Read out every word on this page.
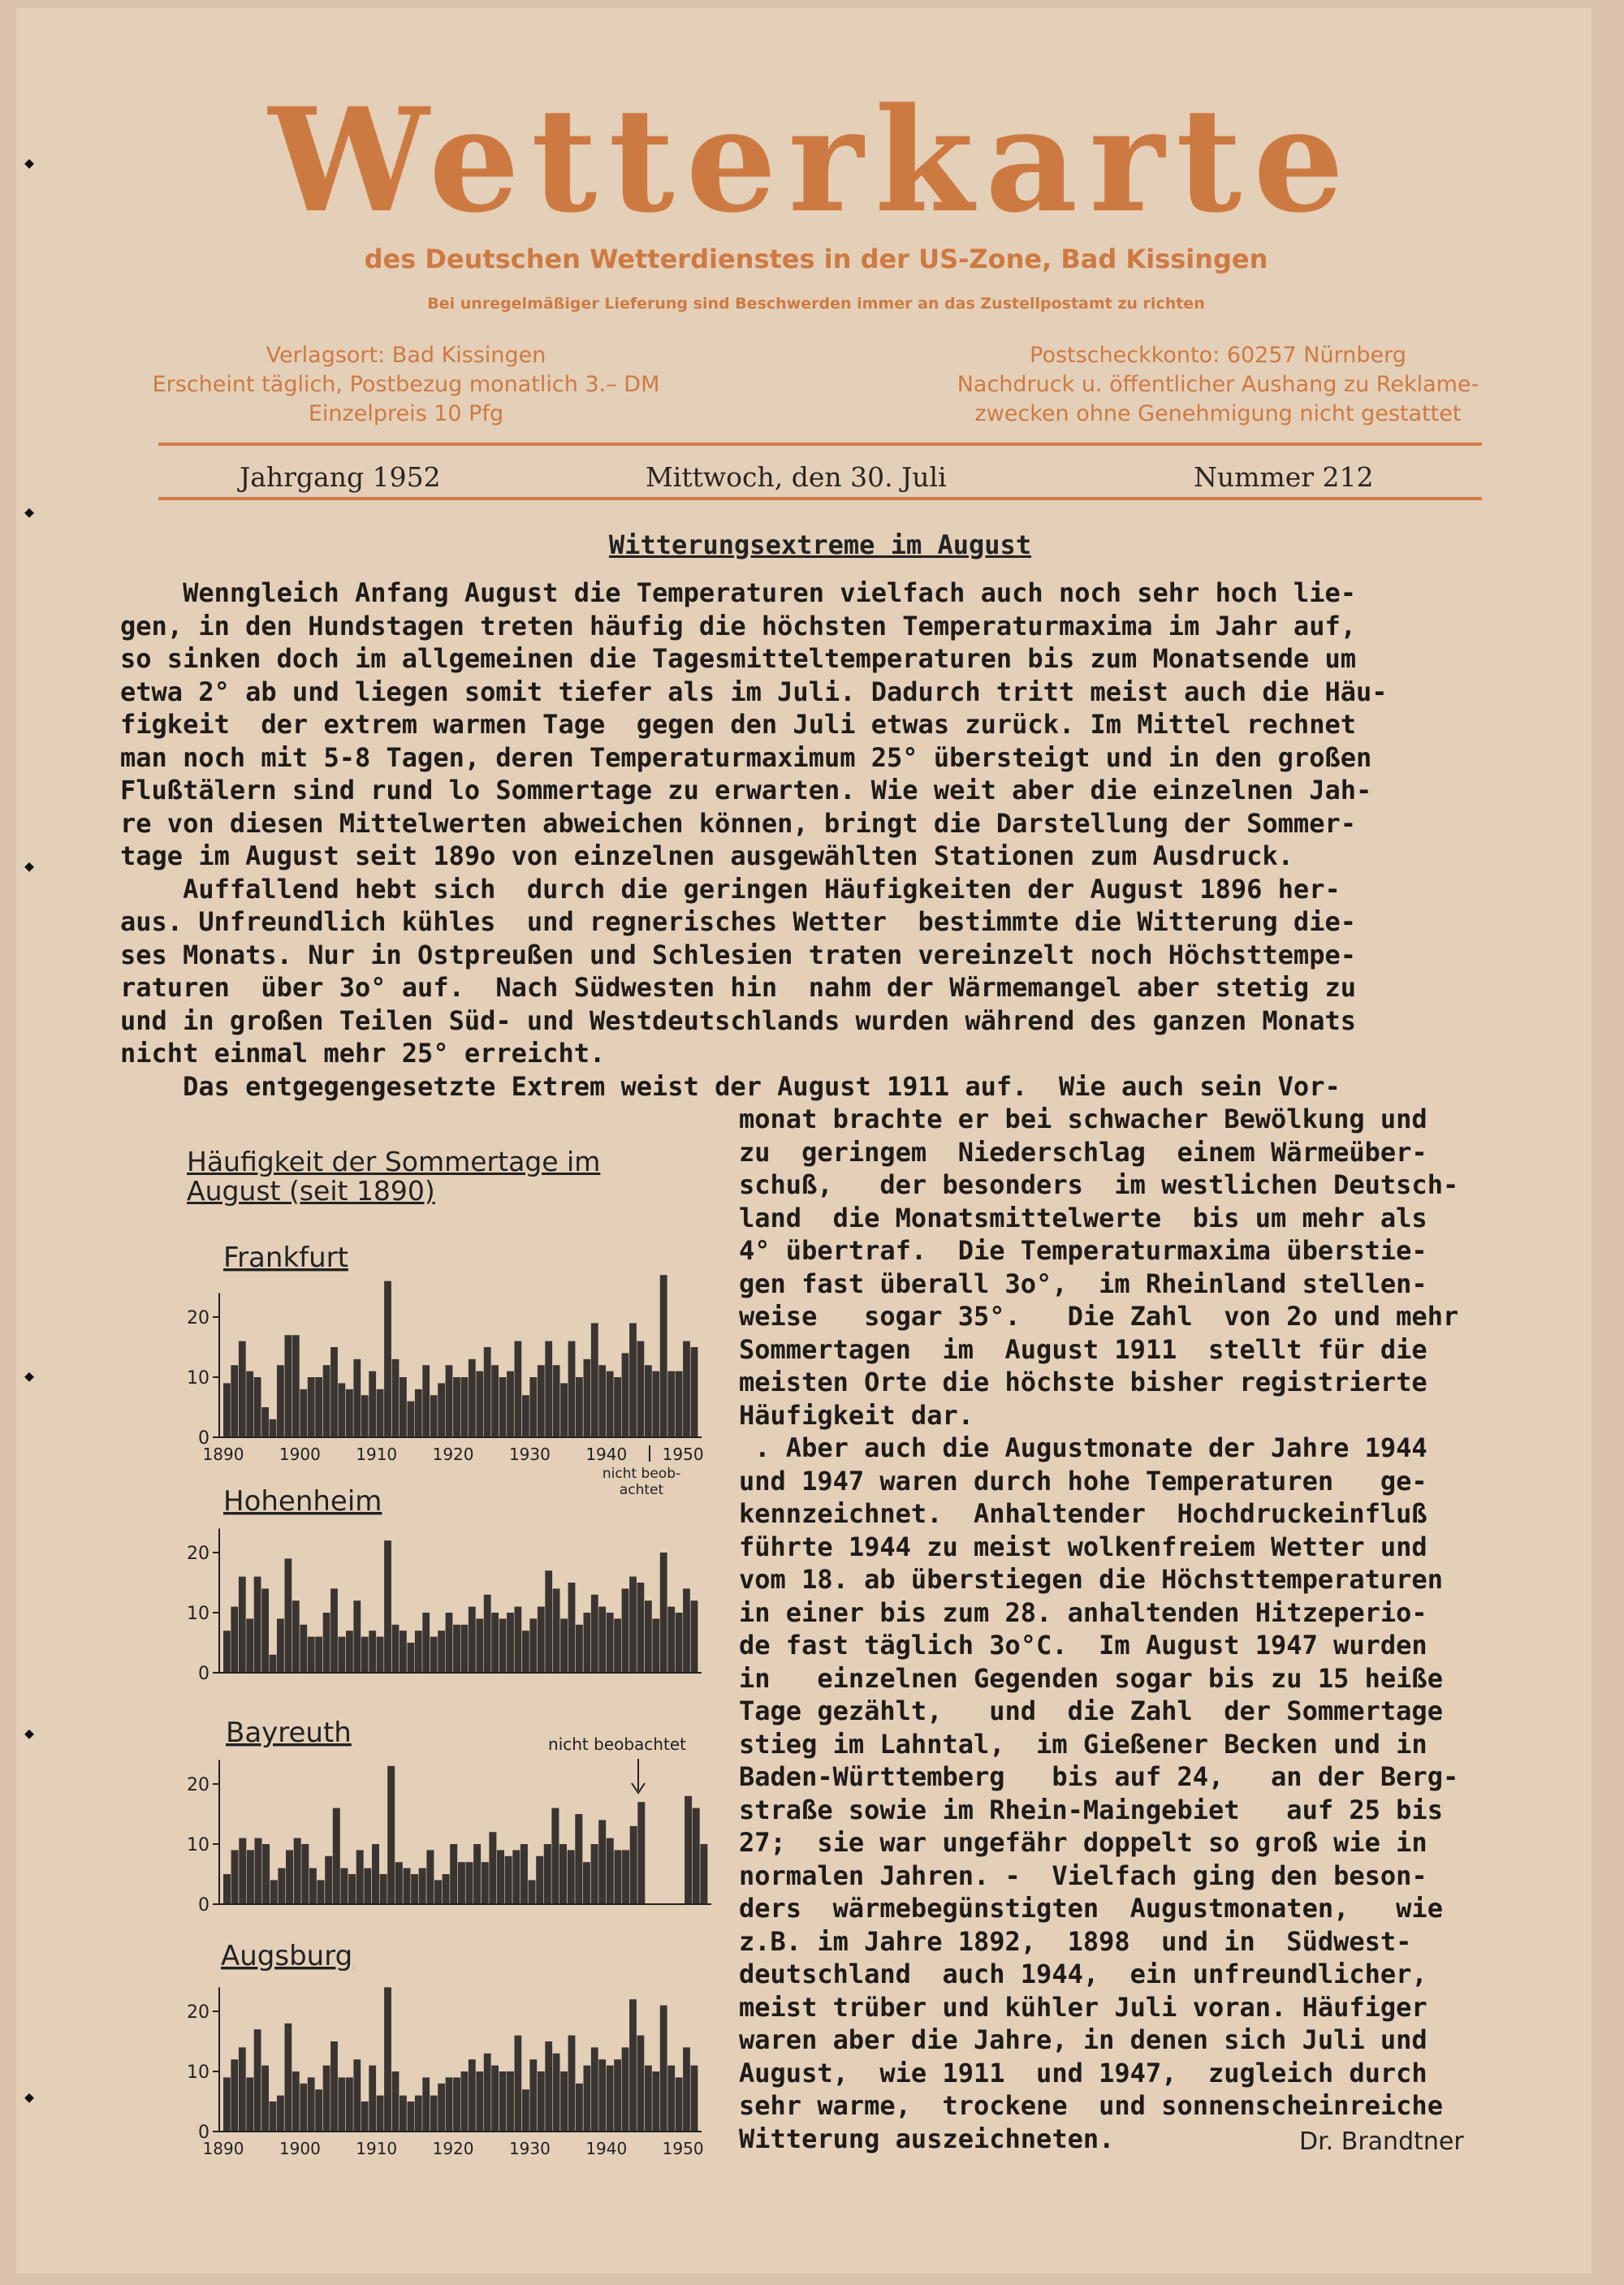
◆
◆
◆
◆
◆
◆
Wetterkarte
des Deutschen Wetterdienstes in der US-Zone, Bad Kissingen
Bei unregelmäßiger Lieferung sind Beschwerden immer an das Zustellpostamt zu richten
Verlagsort: Bad Kissingen
Erscheint täglich, Postbezug monatlich 3.– DM
Einzelpreis 10 Pfg
Postscheckkonto: 60257 Nürnberg
Nachdruck u. öffentlicher Aushang zu Reklame-
zwecken ohne Genehmigung nicht gestattet
Jahrgang 1952	Mittwoch, den 30. Juli	Nummer 212
Witterungsextreme im August
Wenngleich Anfang August die Temperaturen vielfach auch noch sehr hoch lie-
gen, in den Hundstagen treten häufig die höchsten Temperaturmaxima im Jahr auf,
so sinken doch im allgemeinen die Tagesmitteltemperaturen bis zum Monatsende um
etwa 2° ab und liegen somit tiefer als im Juli. Dadurch tritt meist auch die Häu-
figkeit  der extrem warmen Tage  gegen den Juli etwas zurück. Im Mittel rechnet
man noch mit 5-8 Tagen, deren Temperaturmaximum 25° übersteigt und in den großen
Flußtälern sind rund lo Sommertage zu erwarten. Wie weit aber die einzelnen Jah-
re von diesen Mittelwerten abweichen können, bringt die Darstellung der Sommer-
tage im August seit 189o von einzelnen ausgewählten Stationen zum Ausdruck.
Auffallend hebt sich  durch die geringen Häufigkeiten der August 1896 her-
aus. Unfreundlich kühles  und regnerisches Wetter  bestimmte die Witterung die-
ses Monats. Nur in Ostpreußen und Schlesien traten vereinzelt noch Höchsttempe-
raturen  über 3o° auf.  Nach Südwesten hin  nahm der Wärmemangel aber stetig zu
und in großen Teilen Süd- und Westdeutschlands wurden während des ganzen Monats
nicht einmal mehr 25° erreicht.
Das entgegengesetzte Extrem weist der August 1911 auf.  Wie auch sein Vor-
monat brachte er bei schwacher Bewölkung und
zu  geringem  Niederschlag  einem Wärmeüber-
schuß,   der besonders  im westlichen Deutsch-
land  die Monatsmittelwerte  bis um mehr als
4° übertraf.  Die Temperaturmaxima überstie-
gen fast überall 3o°,  im Rheinland stellen-
weise   sogar 35°.   Die Zahl  von 2o und mehr
Sommertagen  im  August 1911  stellt für die
meisten Orte die höchste bisher registrierte
Häufigkeit dar.
. Aber auch die Augustmonate der Jahre 1944
und 1947 waren durch hohe Temperaturen   ge-
kennzeichnet.  Anhaltender  Hochdruckeinfluß
führte 1944 zu meist wolkenfreiem Wetter und
vom 18. ab überstiegen die Höchsttemperaturen
in einer bis zum 28. anhaltenden Hitzeperio-
de fast täglich 3o°C.  Im August 1947 wurden
in   einzelnen Gegenden sogar bis zu 15 heiße
Tage gezählt,   und  die Zahl  der Sommertage
stieg im Lahntal,  im Gießener Becken und in
Baden-Württemberg   bis auf 24,   an der Berg-
straße sowie im Rhein-Maingebiet   auf 25 bis
27;  sie war ungefähr doppelt so groß wie in
normalen Jahren. -  Vielfach ging den beson-
ders  wärmebegünstigten  Augustmonaten,   wie
z.B. im Jahre 1892,  1898  und in  Südwest-
deutschland  auch 1944,  ein unfreundlicher,
meist trüber und kühler Juli voran. Häufiger
waren aber die Jahre, in denen sich Juli und
August,  wie 1911  und 1947,  zugleich durch
sehr warme,  trockene  und sonnenscheinreiche
Witterung auszeichneten.	Dr. Brandtner
Häufigkeit der Sommertage im
August (seit 1890)
0
10
20
Frankfurt
1890 1900 1910 1920 1930 1940 1950
0
10
20
Hohenheim
0
10
20
Bayreuth
0
10
20
Augsburg
1890 1900 1910 1920 1930 1940 1950
nicht beob-
achtet
nicht beobachtet
